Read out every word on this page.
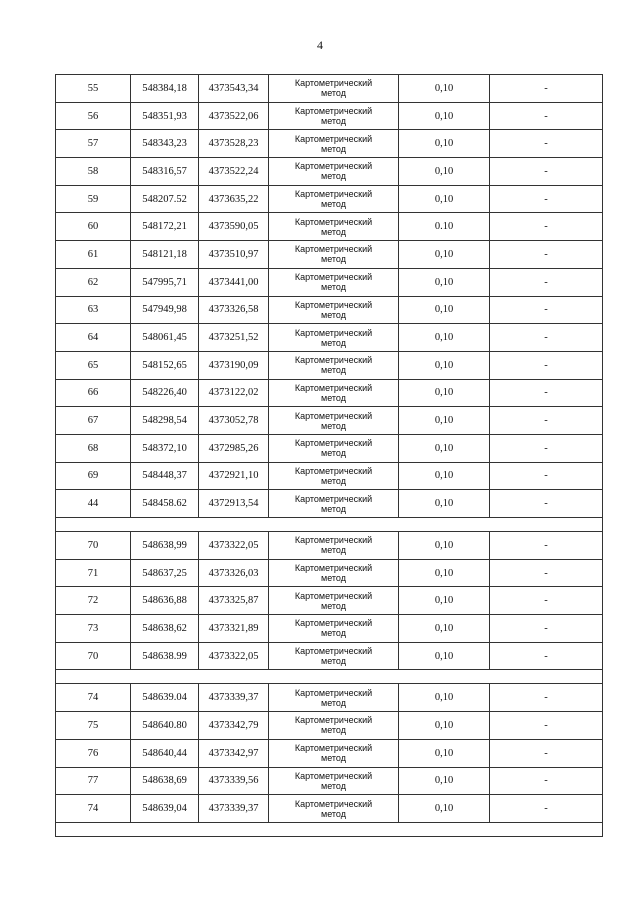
4
55	548384,18	4373543,34	Картометрический
метод	0,10	-
56	548351,93	4373522,06	Картометрический
метод	0,10	-
57	548343,23	4373528,23	Картометрический
метод	0,10	-
58	548316,57	4373522,24	Картометрический
метод	0,10	-
59	548207.52	4373635,22	Картометрический
метод	0,10	-
60	548172,21	4373590,05	Картометрический
метод	0.10	-
61	548121,18	4373510,97	Картометрический
метод	0,10	-
62	547995,71	4373441,00	Картометрический
метод	0,10	-
63	547949,98	4373326,58	Картометрический
метод	0,10	-
64	548061,45	4373251,52	Картометрический
метод	0,10	-
65	548152,65	4373190,09	Картометрический
метод	0,10	-
66	548226,40	4373122,02	Картометрический
метод	0,10	-
67	548298,54	4373052,78	Картометрический
метод	0,10	-
68	548372,10	4372985,26	Картометрический
метод	0,10	-
69	548448,37	4372921,10	Картометрический
метод	0,10	-
44	548458.62	4372913,54	Картометрический
метод	0,10	-

70	548638,99	4373322,05	Картометрический
метод	0,10	-
71	548637,25	4373326,03	Картометрический
метод	0,10	-
72	548636,88	4373325,87	Картометрический
метод	0,10	-
73	548638,62	4373321,89	Картометрический
метод	0,10	-
70	548638.99	4373322,05	Картометрический
метод	0,10	-

74	548639.04	4373339,37	Картометрический
метод	0,10	-
75	548640.80	4373342,79	Картометрический
метод	0,10	-
76	548640,44	4373342,97	Картометрический
метод	0,10	-
77	548638,69	4373339,56	Картометрический
метод	0,10	-
74	548639,04	4373339,37	Картометрический
метод	0,10	-
